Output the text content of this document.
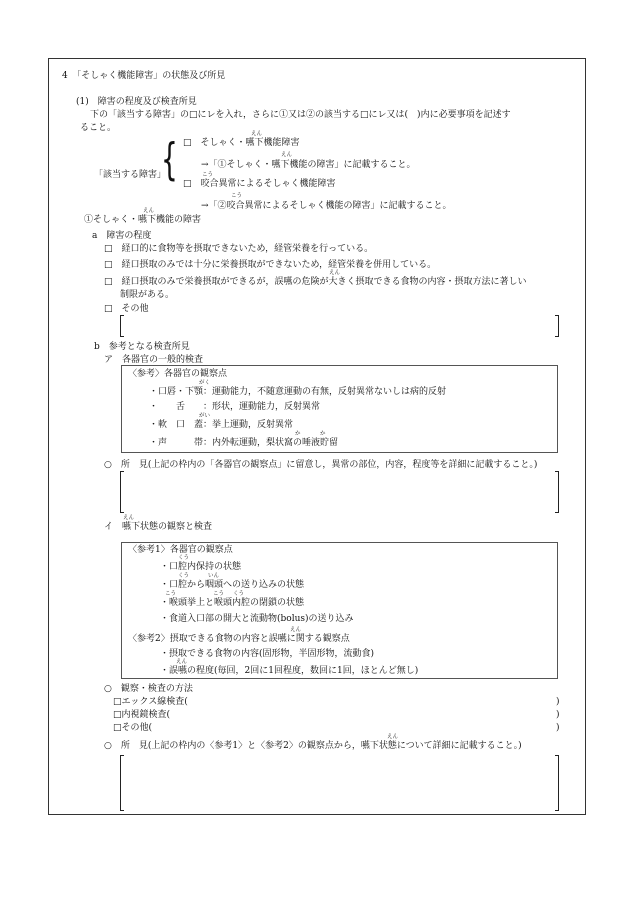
4　「そしゃく機能障害」の状態及び所見
(1)　障害の程度及び検査所見
下の「該当する障害」の□にレを入れ，さらに①又は②の該当する□にレ又は(　)内に必要事項を記述す
ること。
「該当する障害」
{	えん
□　そしゃく・嚥下機能障害
えん
→「①そしゃく・嚥下機能の障害」に記載すること。
こう
□　咬合異常によるそしゃく機能障害
こう
→「②咬合異常によるそしゃく機能の障害」に記載すること。
えん
①そしゃく・嚥下機能の障害
a　障害の程度
□　経口的に食物等を摂取できないため，経管栄養を行っている。
□　経口摂取のみでは十分に栄養摂取ができないため，経管栄養を併用している。
えん
□　経口摂取のみで栄養摂取ができるが，誤嚥の危険が大きく摂取できる食物の内容・摂取方法に著しい
制限がある。
□　その他
b　参考となる検査所見
ア　各器官の一般的検査
〈参考〉各器官の観察点
がく
・口唇・下顎：運動能力，不随意運動の有無，反射異常ないしは病的反射
・　　舌　　：形状，運動能力，反射異常
がい
・軟　口　蓋：挙上運動，反射異常
か	か
・声　　　帯：内外転運動，梨状窩の唾液貯留
○　所　見(上記の枠内の「各器官の観察点」に留意し，異常の部位，内容，程度等を詳細に記載すること。)
えん
イ　嚥下状態の観察と検査
〈参考1〉各器官の観察点
くう
・口腔内保持の状態
くう	いん
・口腔から咽頭への送り込みの状態
こう	こう くう
・喉頭挙上と喉頭内腔の閉鎖の状態
・食道入口部の開大と流動物(bolus)の送り込み
えん
〈参考2〉摂取できる食物の内容と誤嚥に関する観察点
・摂取できる食物の内容(固形物，半固形物，流動食)
えん
・誤嚥の程度(毎回，2回に1回程度，数回に1回，ほとんど無し)
○　観察・検査の方法
□エックス線検査(	)
□内視鏡検査(	)
□その他(	)
えん
○　所　見(上記の枠内の〈参考1〉と〈参考2〉の観察点から，嚥下状態について詳細に記載すること。)
